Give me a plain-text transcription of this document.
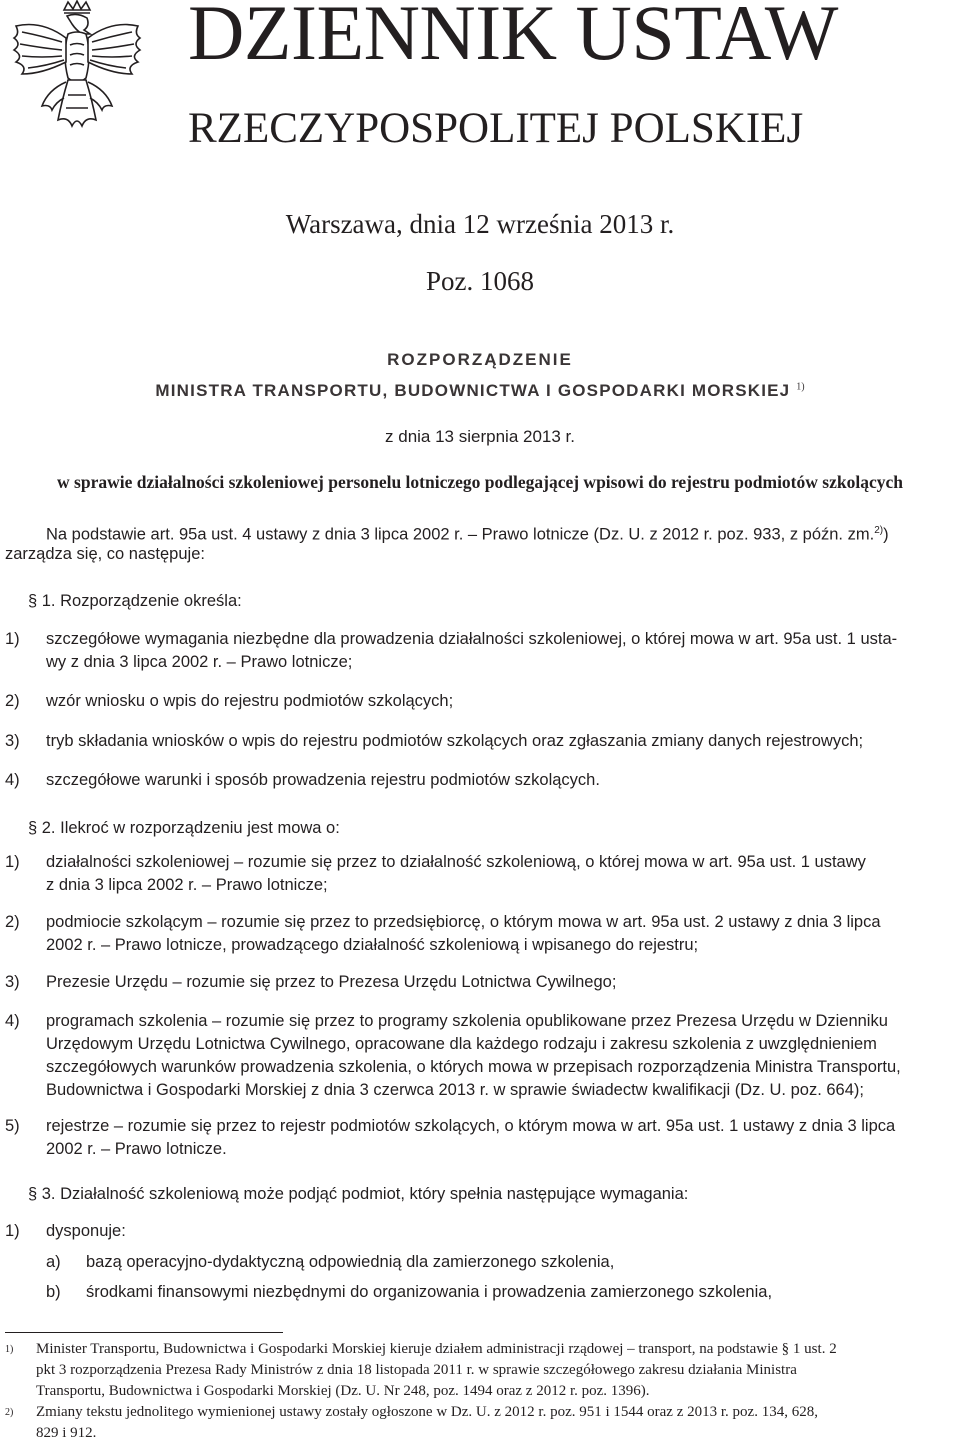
DZIENNIK USTAW
RZECZYPOSPOLITEJ POLSKIEJ
Warszawa, dnia 12 września 2013 r.
Poz. 1068
ROZPORZĄDZENIE
MINISTRA TRANSPORTU, BUDOWNICTWA I GOSPODARKI MORSKIEJ $^{1)}$
z dnia 13 sierpnia 2013 r.
w sprawie działalności szkoleniowej personelu lotniczego podlegającej wpisowi do rejestru podmiotów szkolących
Na podstawie art. 95a ust. 4 ustawy z dnia 3 lipca 2002 r. – Prawo lotnicze (Dz. U. z 2012 r. poz. 933, z późn. zm.$^{2)}$)
zarządza się, co następuje:
§ 1. Rozporządzenie określa:
1) szczegółowe wymagania niezbędne dla prowadzenia działalności szkoleniowej, o której mowa w art. 95a ust. 1 usta-
wy z dnia 3 lipca 2002 r. – Prawo lotnicze;
2) wzór wniosku o wpis do rejestru podmiotów szkolących;
3) tryb składania wniosków o wpis do rejestru podmiotów szkolących oraz zgłaszania zmiany danych rejestrowych;
4) szczegółowe warunki i sposób prowadzenia rejestru podmiotów szkolących.
§ 2. Ilekroć w rozporządzeniu jest mowa o:
1) działalności szkoleniowej – rozumie się przez to działalność szkoleniową, o której mowa w art. 95a ust. 1 ustawy
z dnia 3 lipca 2002 r. – Prawo lotnicze;
2) podmiocie szkolącym – rozumie się przez to przedsiębiorcę, o którym mowa w art. 95a ust. 2 ustawy z dnia 3 lipca
2002 r. – Prawo lotnicze, prowadzącego działalność szkoleniową i wpisanego do rejestru;
3) Prezesie Urzędu – rozumie się przez to Prezesa Urzędu Lotnictwa Cywilnego;
4) programach szkolenia – rozumie się przez to programy szkolenia opublikowane przez Prezesa Urzędu w Dzienniku
Urzędowym Urzędu Lotnictwa Cywilnego, opracowane dla każdego rodzaju i zakresu szkolenia z uwzględnieniem
szczegółowych warunków prowadzenia szkolenia, o których mowa w przepisach rozporządzenia Ministra Transportu,
Budownictwa i Gospodarki Morskiej z dnia 3 czerwca 2013 r. w sprawie świadectw kwalifikacji (Dz. U. poz. 664);
5) rejestrze – rozumie się przez to rejestr podmiotów szkolących, o którym mowa w art. 95a ust. 1 ustawy z dnia 3 lipca
2002 r. – Prawo lotnicze.
§ 3. Działalność szkoleniową może podjąć podmiot, który spełnia następujące wymagania:
1) dysponuje:
a) bazą operacyjno-dydaktyczną odpowiednią dla zamierzonego szkolenia,
b) środkami finansowymi niezbędnymi do organizowania i prowadzenia zamierzonego szkolenia,
1) Minister Transportu, Budownictwa i Gospodarki Morskiej kieruje działem administracji rządowej – transport, na podstawie § 1 ust. 2
pkt 3 rozporządzenia Prezesa Rady Ministrów z dnia 18 listopada 2011 r. w sprawie szczegółowego zakresu działania Ministra
Transportu, Budownictwa i Gospodarki Morskiej (Dz. U. Nr 248, poz. 1494 oraz z 2012 r. poz. 1396).
2) Zmiany tekstu jednolitego wymienionej ustawy zostały ogłoszone w Dz. U. z 2012 r. poz. 951 i 1544 oraz z 2013 r. poz. 134, 628,
829 i 912.
